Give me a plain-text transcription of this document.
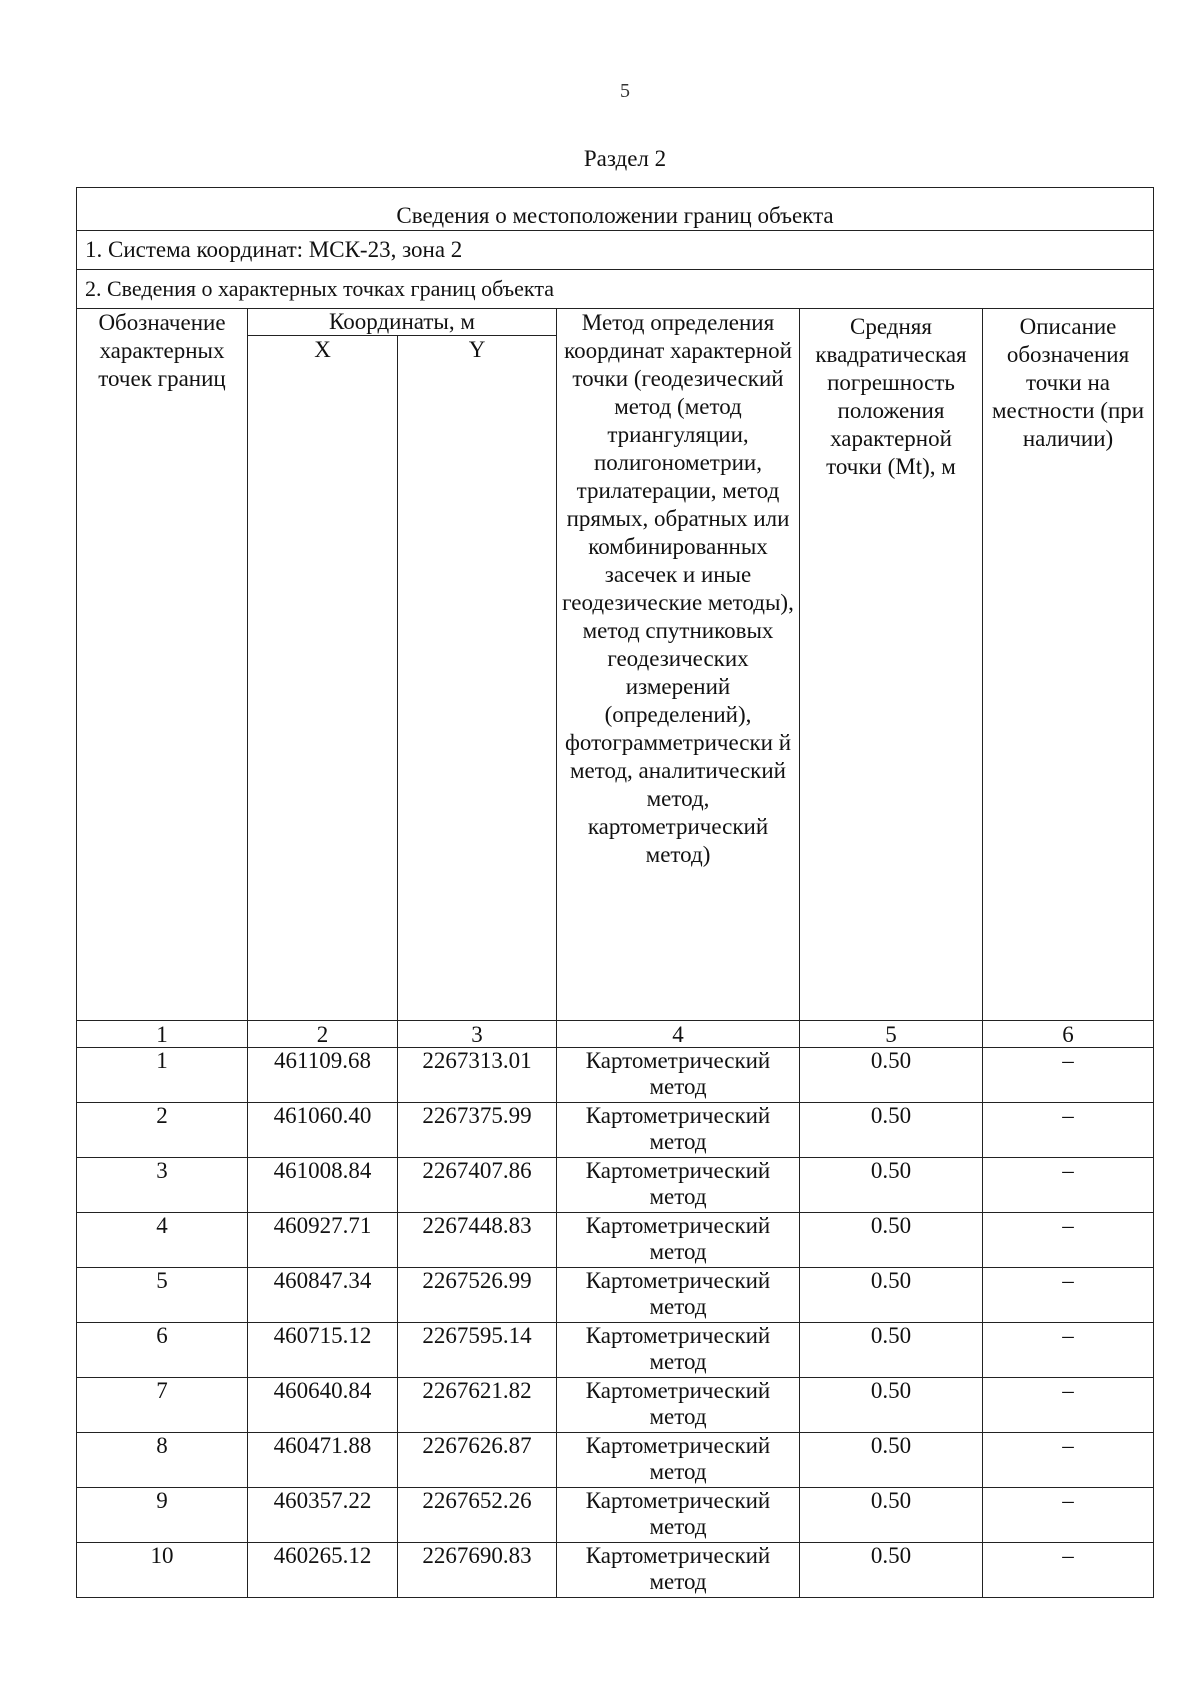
5
Раздел 2
Сведения о местоположении границ объекта					
1. Система координат: МСК-23, зона 2					
2. Сведения о характерных точках границ объекта					
Обозначение характерных точек границ	Координаты, м		Метод определения координат характерной точки (геодезический метод (метод триангуляции, полигонометрии, трилатерации, метод прямых, обратных или комбинированных засечек и иные геодезические методы), метод спутниковых геодезических измерений (определений), фотограмметрически й метод, аналитический метод, картометрический метод)	Средняя квадратическая погрешность положения характерной точки (Mt), м	Описание обозначения точки на местности (при наличии)
	X	Y			
1	2	3	4	5	6
1	461109.68	2267313.01	Картометрический метод	0.50	–
2	461060.40	2267375.99	Картометрический метод	0.50	–
3	461008.84	2267407.86	Картометрический метод	0.50	–
4	460927.71	2267448.83	Картометрический метод	0.50	–
5	460847.34	2267526.99	Картометрический метод	0.50	–
6	460715.12	2267595.14	Картометрический метод	0.50	–
7	460640.84	2267621.82	Картометрический метод	0.50	–
8	460471.88	2267626.87	Картометрический метод	0.50	–
9	460357.22	2267652.26	Картометрический метод	0.50	–
10	460265.12	2267690.83	Картометрический метод	0.50	–
